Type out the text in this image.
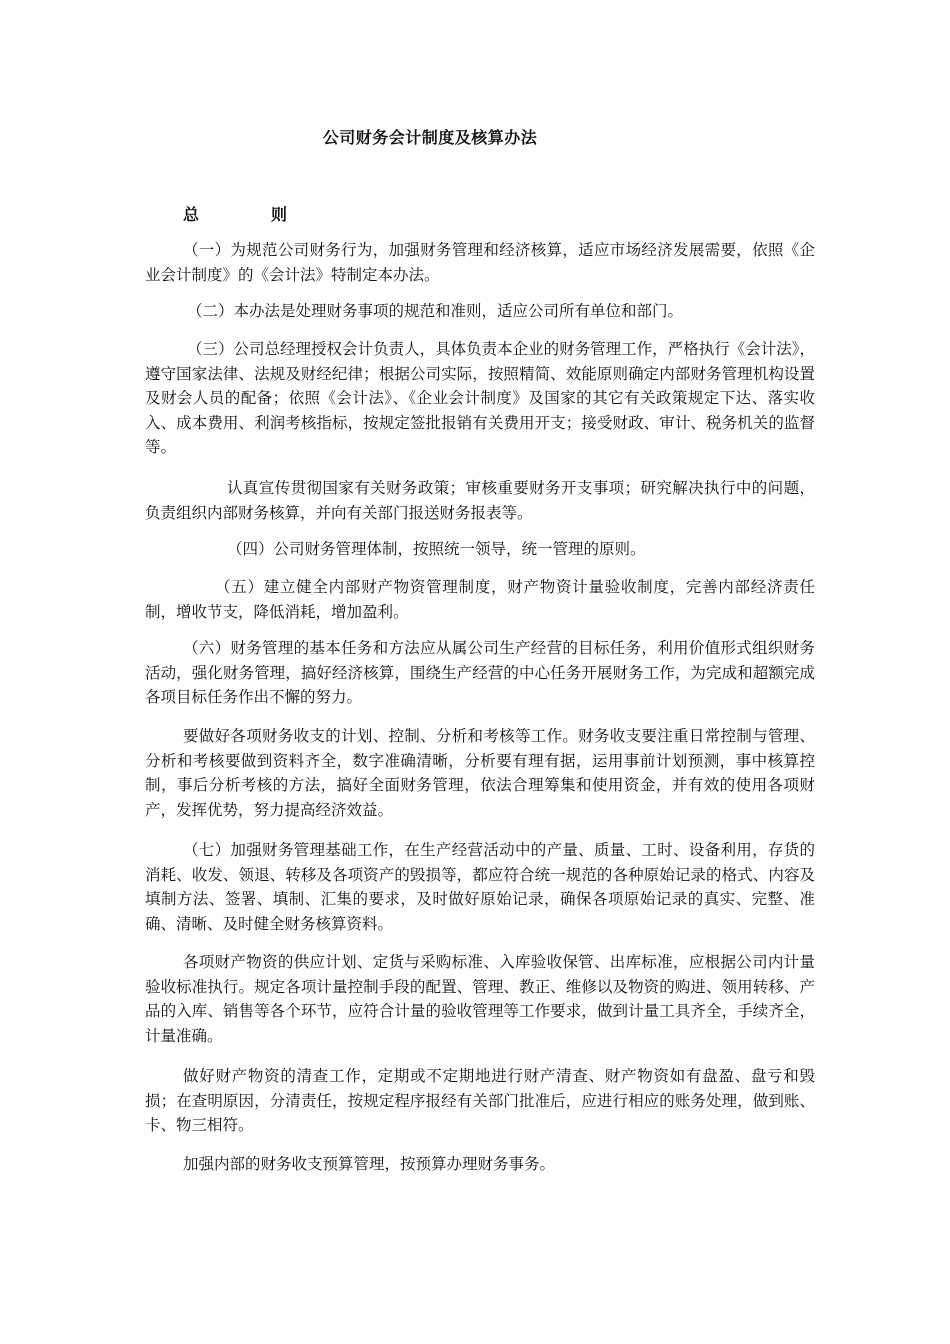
公司财务会计制度及核算办法
总	则

（一）为规范公司财务行为，加强财务管理和经济核算，适应市场经济发展需要，依照《企业会计制度》的《会计法》特制定本办法。

（二）本办法是处理财务事项的规范和准则，适应公司所有单位和部门。

（三）公司总经理授权会计负责人，具体负责本企业的财务管理工作，严格执行《会计法》，遵守国家法律、法规及财经纪律；根据公司实际，按照精简、效能原则确定内部财务管理机构设置及财会人员的配备；依照《会计法》、《企业会计制度》及国家的其它有关政策规定下达、落实收入、成本费用、利润考核指标，按规定签批报销有关费用开支；接受财政、审计、税务机关的监督等。

认真宣传贯彻国家有关财务政策；审核重要财务开支事项；研究解决执行中的问题，负责组织内部财务核算，并向有关部门报送财务报表等。

（四）公司财务管理体制，按照统一领导，统一管理的原则。

（五）建立健全内部财产物资管理制度，财产物资计量验收制度，完善内部经济责任制，增收节支，降低消耗，增加盈利。

（六）财务管理的基本任务和方法应从属公司生产经营的目标任务，利用价值形式组织财务活动，强化财务管理，搞好经济核算，围绕生产经营的中心任务开展财务工作，为完成和超额完成各项目标任务作出不懈的努力。

要做好各项财务收支的计划、控制、分析和考核等工作。财务收支要注重日常控制与管理、分析和考核要做到资料齐全，数字准确清晰，分析要有理有据，运用事前计划预测，事中核算控制，事后分析考核的方法，搞好全面财务管理，依法合理筹集和使用资金，并有效的使用各项财产，发挥优势，努力提高经济效益。

（七）加强财务管理基础工作，在生产经营活动中的产量、质量、工时、设备利用，存货的消耗、收发、领退、转移及各项资产的毁损等，都应符合统一规范的各种原始记录的格式、内容及填制方法、签署、填制、汇集的要求，及时做好原始记录，确保各项原始记录的真实、完整、准确、清晰、及时健全财务核算资料。

各项财产物资的供应计划、定货与采购标准、入库验收保管、出库标准，应根据公司内计量验收标准执行。规定各项计量控制手段的配置、管理、教正、维修以及物资的购进、领用转移、产品的入库、销售等各个环节，应符合计量的验收管理等工作要求，做到计量工具齐全，手续齐全，计量准确。

做好财产物资的清查工作，定期或不定期地进行财产清查、财产物资如有盘盈、盘亏和毁损；在查明原因，分清责任，按规定程序报经有关部门批准后，应进行相应的账务处理，做到账、卡、物三相符。

加强内部的财务收支预算管理，按预算办理财务事务。
